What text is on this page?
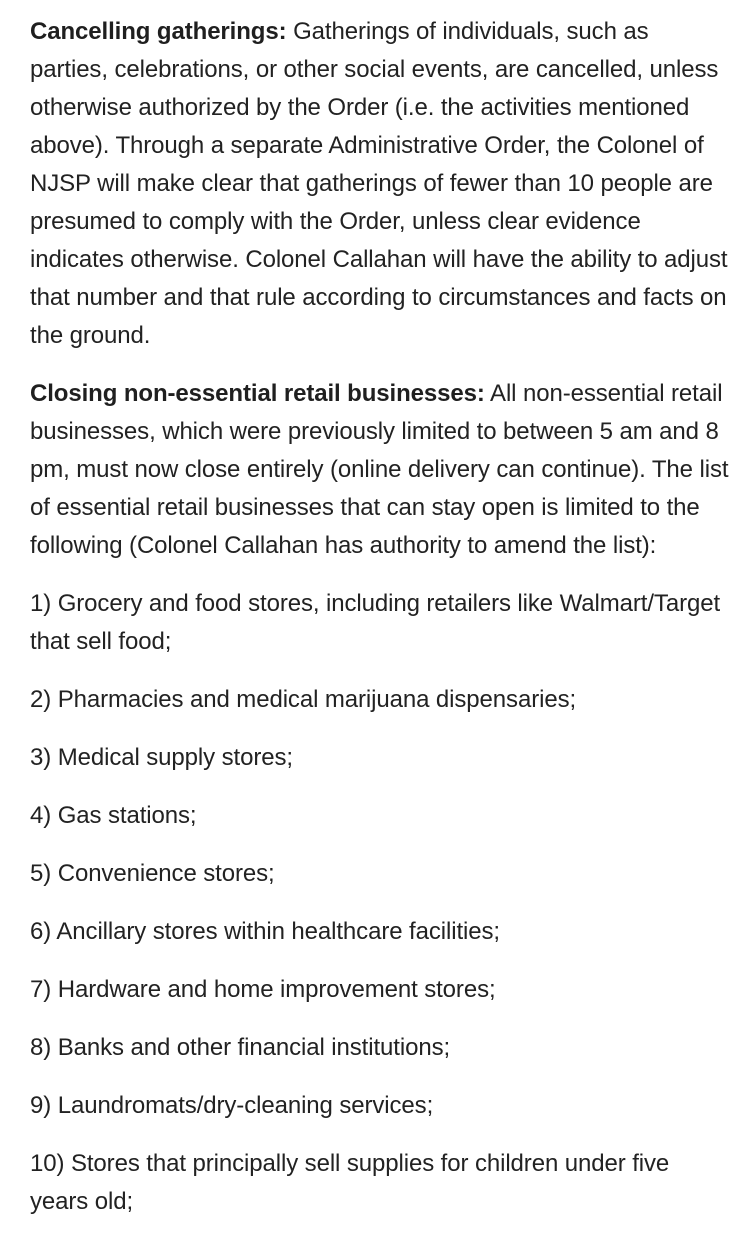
Cancelling gatherings: Gatherings of individuals, such as parties, celebrations, or other social events, are cancelled, unless otherwise authorized by the Order (i.e. the activities mentioned above). Through a separate Administrative Order, the Colonel of NJSP will make clear that gatherings of fewer than 10 people are presumed to comply with the Order, unless clear evidence indicates otherwise. Colonel Callahan will have the ability to adjust that number and that rule according to circumstances and facts on the ground.

Closing non-essential retail businesses: All non-essential retail businesses, which were previously limited to between 5 am and 8 pm, must now close entirely (online delivery can continue). The list of essential retail businesses that can stay open is limited to the following (Colonel Callahan has authority to amend the list):

1) Grocery and food stores, including retailers like Walmart/Target that sell food;

2) Pharmacies and medical marijuana dispensaries;

3) Medical supply stores;

4) Gas stations;

5) Convenience stores;

6) Ancillary stores within healthcare facilities;

7) Hardware and home improvement stores;

8) Banks and other financial institutions;

9) Laundromats/dry-cleaning services;

10) Stores that principally sell supplies for children under five years old;
